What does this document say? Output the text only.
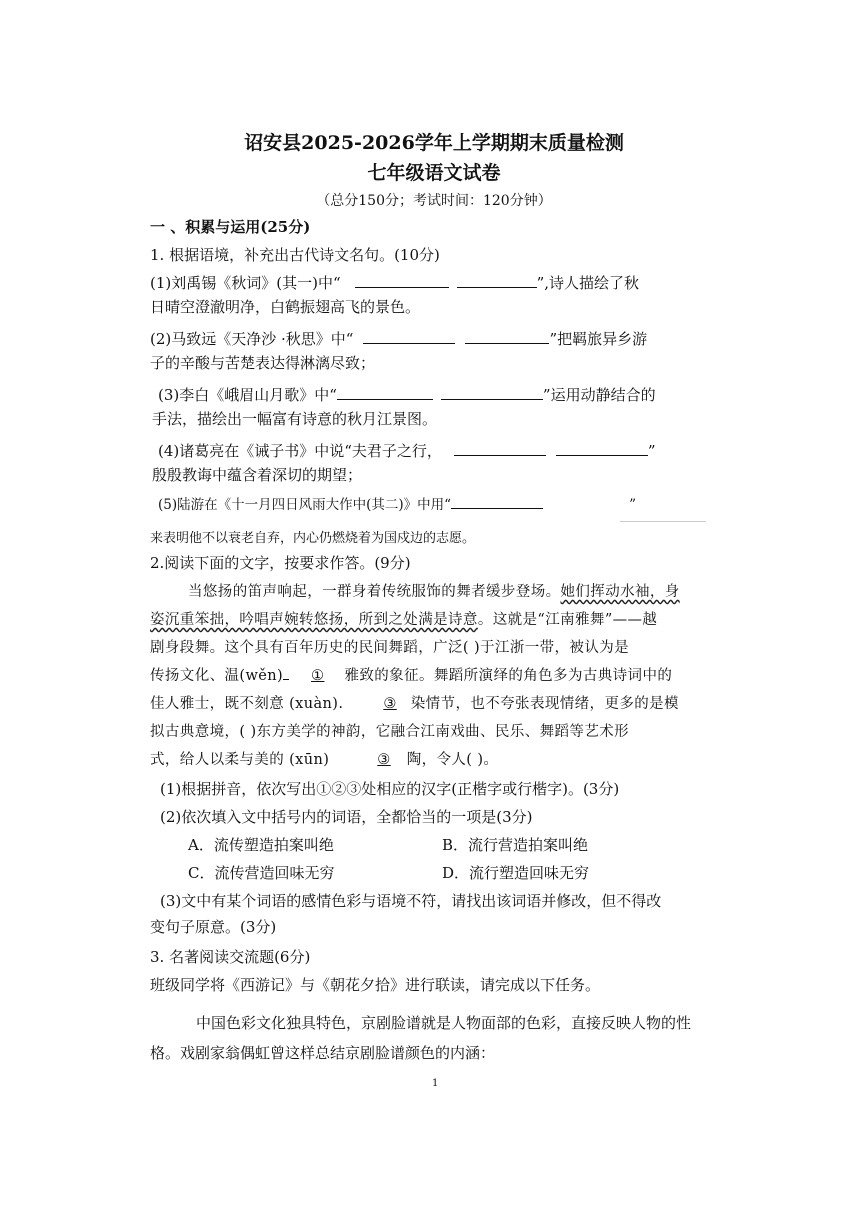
诏安县2025-2026学年上学期期末质量检测
七年级语文试卷
（总分150分；考试时间：120分钟）
一 、积累与运用(25分)
1. 根据语境，补充出古代诗文名句。(10分)
(1)刘禹锡《秋词》(其一)中“	”,诗人描绘了秋
日晴空澄澈明净，白鹤振翅高飞的景色。
(2)马致远《天净沙 ·秋思》中“	”把羁旅异乡游
子的辛酸与苦楚表达得淋漓尽致；
(3)李白《峨眉山月歌》中“	”运用动静结合的
手法，描绘出一幅富有诗意的秋月江景图。
(4)诸葛亮在《诫子书》中说“夫君子之行，	”
殷殷教诲中蕴含着深切的期望；
(5)陆游在《十一月四日风雨大作中(其二)》中用“	”
来表明他不以衰老自弃，内心仍燃烧着为国戍边的志愿。
2.阅读下面的文字，按要求作答。(9分)
当悠扬的笛声响起，一群身着传统服饰的舞者缓步登场。她们挥动水袖，身
姿沉重笨拙，吟唱声婉转悠扬，所到之处满是诗意。这就是“江南雅舞”——越
剧身段舞。这个具有百年历史的民间舞蹈，广泛( )于江浙一带，被认为是
传扬文化、温(wěn) ① 雅致的象征。舞蹈所演绎的角色多为古典诗词中的
佳人雅士，既不刻意 (xuàn).	③ 染情节，也不夸张表现情绪，更多的是模
拟古典意境，( )东方美学的神韵，它融合江南戏曲、民乐、舞蹈等艺术形
式，给人以柔与美的 (xūn)	③ 陶，令人( )。
(1)根据拼音，依次写出①②③处相应的汉字(正楷字或行楷字)。(3分)
(2)依次填入文中括号内的词语，全都恰当的一项是(3分)
A．流传塑造拍案叫绝	B．流行营造拍案叫绝
C．流传营造回味无穷	D．流行塑造回味无穷
(3)文中有某个词语的感情色彩与语境不符，请找出该词语并修改，但不得改
变句子原意。(3分)
3. 名著阅读交流题(6分)
班级同学将《西游记》与《朝花夕拾》进行联读，请完成以下任务。
中国色彩文化独具特色，京剧脸谱就是人物面部的色彩，直接反映人物的性
格。戏剧家翁偶虹曾这样总结京剧脸谱颜色的内涵：
1
